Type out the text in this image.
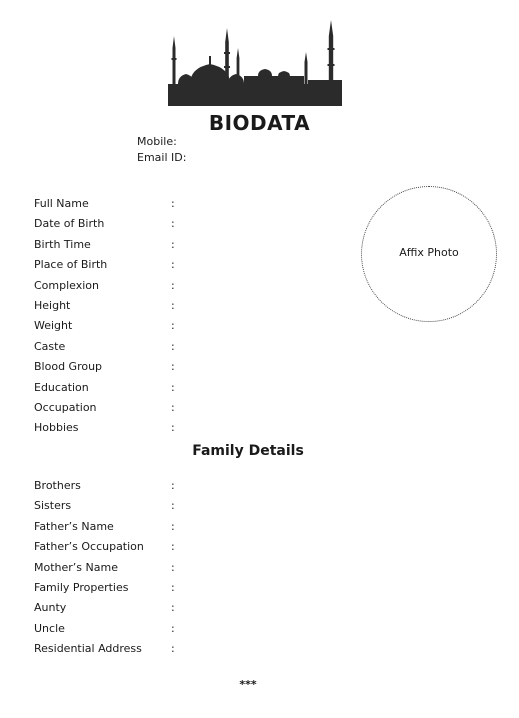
BIODATA
Mobile:
Email ID:
Affix Photo
Full Name	:
Date of Birth	:
Birth Time	:
Place of Birth	:
Complexion	:
Height	:
Weight	:
Caste	:
Blood Group	:
Education	:
Occupation	:
Hobbies	:
Family Details
Brothers	:
Sisters	:
Father’s Name	:
Father’s Occupation :
Mother’s Name	:
Family Properties	:
Aunty	:
Uncle	:
Residential Address	:
***
